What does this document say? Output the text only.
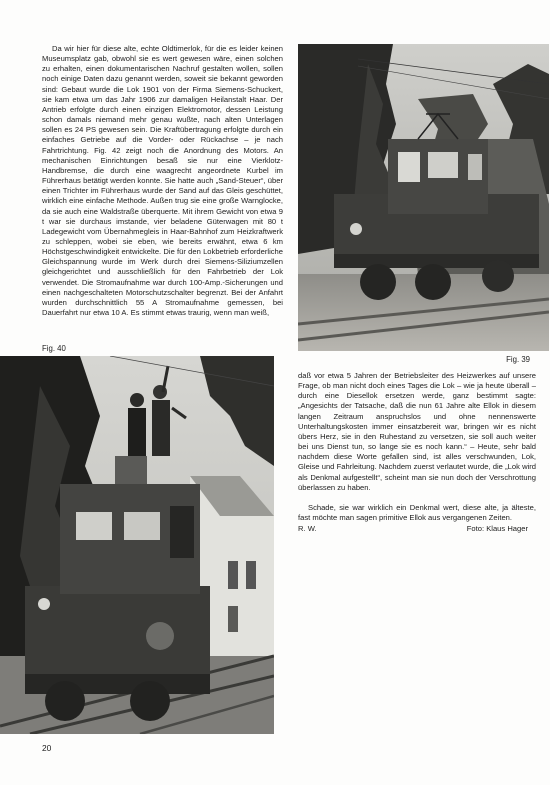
Da wir hier für diese alte, echte Oldtimerlok, für die es leider keinen Museumsplatz gab, obwohl sie es wert gewesen wäre, einen solchen zu erhalten, einen dokumentarischen Nachruf gestalten wollen, sollen noch einige Daten dazu genannt werden, soweit sie bekannt geworden sind: Gebaut wurde die Lok 1901 von der Firma Siemens-Schuckert, sie kam etwa um das Jahr 1906 zur damaligen Heilanstalt Haar. Der Antrieb erfolgte durch einen einzigen Elektromotor, dessen Leistung schon damals niemand mehr genau wußte, nach alten Unterlagen sollen es 24 PS gewesen sein. Die Kraftübertragung erfolgte durch ein einfaches Getriebe auf die Vorder- oder Rückachse – je nach Fahrtrichtung. Fig. 42 zeigt noch die Anordnung des Motors. An mechanischen Einrichtungen besaß sie nur eine Vierklotz-Handbremse, die durch eine waagrecht angeordnete Kurbel im Führerhaus betätigt werden konnte. Sie hatte auch „Sand-Steuer“, über einen Trichter im Führerhaus wurde der Sand auf das Gleis geschüttet, wirklich eine einfache Methode. Außen trug sie eine große Warnglocke, da sie auch eine Waldstraße überquerte. Mit ihrem Gewicht von etwa 9 t war sie durchaus imstande, vier beladene Güterwagen mit 80 t Ladegewicht vom Übernahmegleis in Haar-Bahnhof zum Heizkraftwerk zu schleppen, wobei sie eben, wie bereits erwähnt, etwa 6 km Höchstgeschwindigkeit entwickelte. Die für den Lokbetrieb erforderliche Gleichspannung wurde im Werk durch drei Siemens-Siliziumzellen gleichgerichtet und ausschließlich für den Fahrbetrieb der Lok verwendet. Die Stromaufnahme war durch 100-Amp.-Sicherungen und einen nachgeschalteten Motorschutzschalter begrenzt. Bei der Anfahrt wurden durchschnittlich 55 A Stromaufnahme gemessen, bei Dauerfahrt nur etwa 10 A. Es stimmt etwas traurig, wenn man weiß,

Fig. 39

Fig. 40

daß vor etwa 5 Jahren der Betriebsleiter des Heizwerkes auf unsere Frage, ob man nicht doch eines Tages die Lok – wie ja heute überall – durch eine Diesellok ersetzen werde, ganz bestimmt sagte: „Angesichts der Tatsache, daß die nun 61 Jahre alte Ellok in diesem langen Zeitraum anspruchslos und ohne nennenswerte Unterhaltungskosten immer einsatzbereit war, bringen wir es nicht übers Herz, sie in den Ruhestand zu versetzen, sie soll auch weiter bei uns Dienst tun, so lange sie es noch kann.“ – Heute, sehr bald nachdem diese Worte gefallen sind, ist alles verschwunden, Lok, Gleise und Fahrleitung. Nachdem zuerst verlautet wurde, die „Lok wird als Denkmal aufgestellt“, scheint man sie nun doch der Verschrottung überlassen zu haben.

Schade, sie war wirklich ein Denkmal wert, diese alte, ja älteste, fast möchte man sagen primitive Ellok aus vergangenen Zeiten.

R. W.	Foto: Klaus Hager
20
